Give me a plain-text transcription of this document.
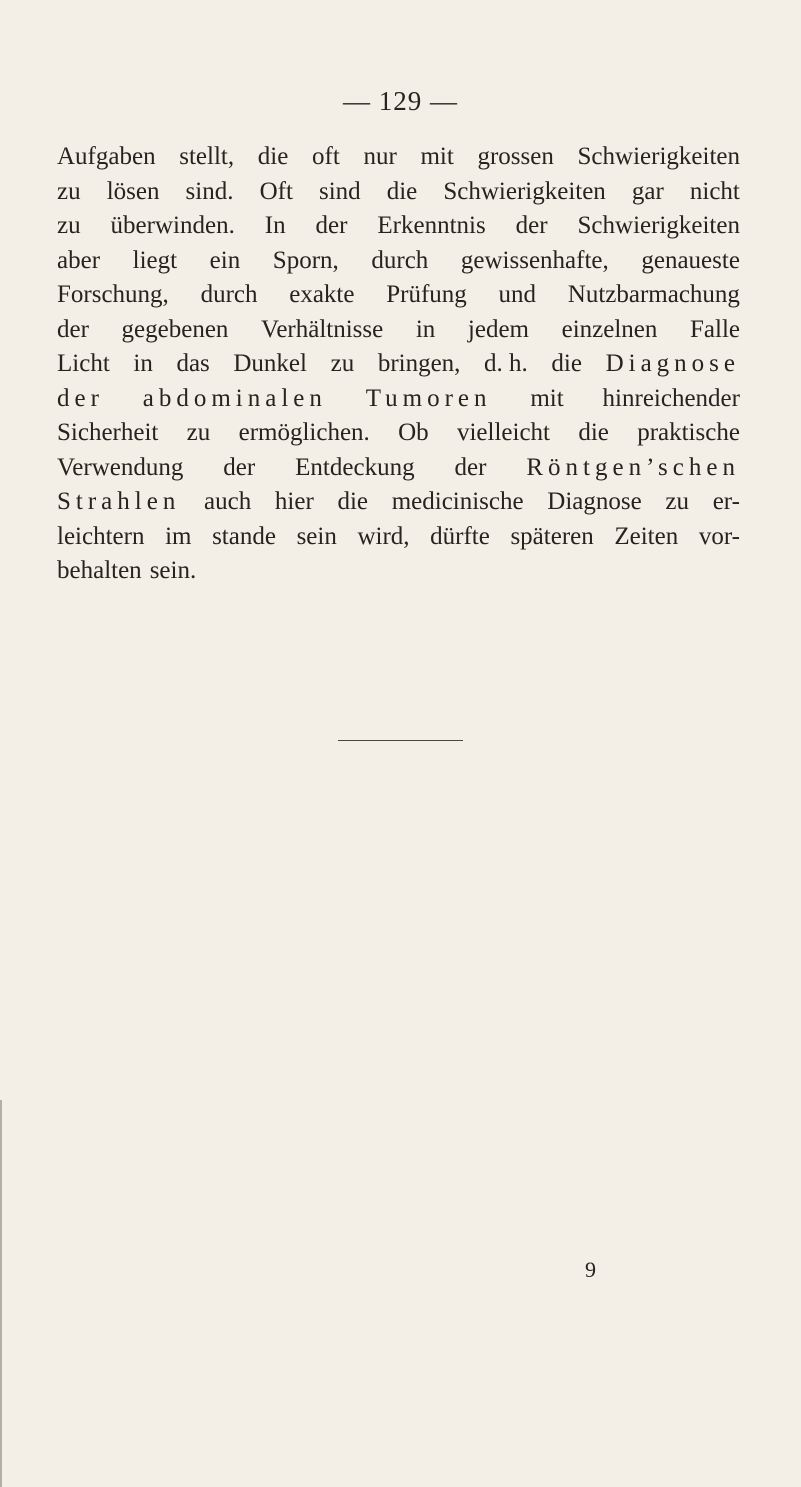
— 129 —
Aufgaben stellt, die oft nur mit grossen Schwierigkeiten
zu lösen sind. Oft sind die Schwierigkeiten gar nicht
zu überwinden. In der Erkenntnis der Schwierigkeiten
aber liegt ein Sporn, durch gewissenhafte, genaueste
Forschung, durch exakte Prüfung und Nutzbarmachung
der gegebenen Verhältnisse in jedem einzelnen Falle
Licht in das Dunkel zu bringen, d. h. die Diagnose
der abdominalen Tumoren mit hinreichender
Sicherheit zu ermöglichen. Ob vielleicht die praktische
Verwendung der Entdeckung der Röntgen’schen
Strahlen auch hier die medicinische Diagnose zu er-
leichtern im stande sein wird, dürfte späteren Zeiten vor-
behalten sein.
9
